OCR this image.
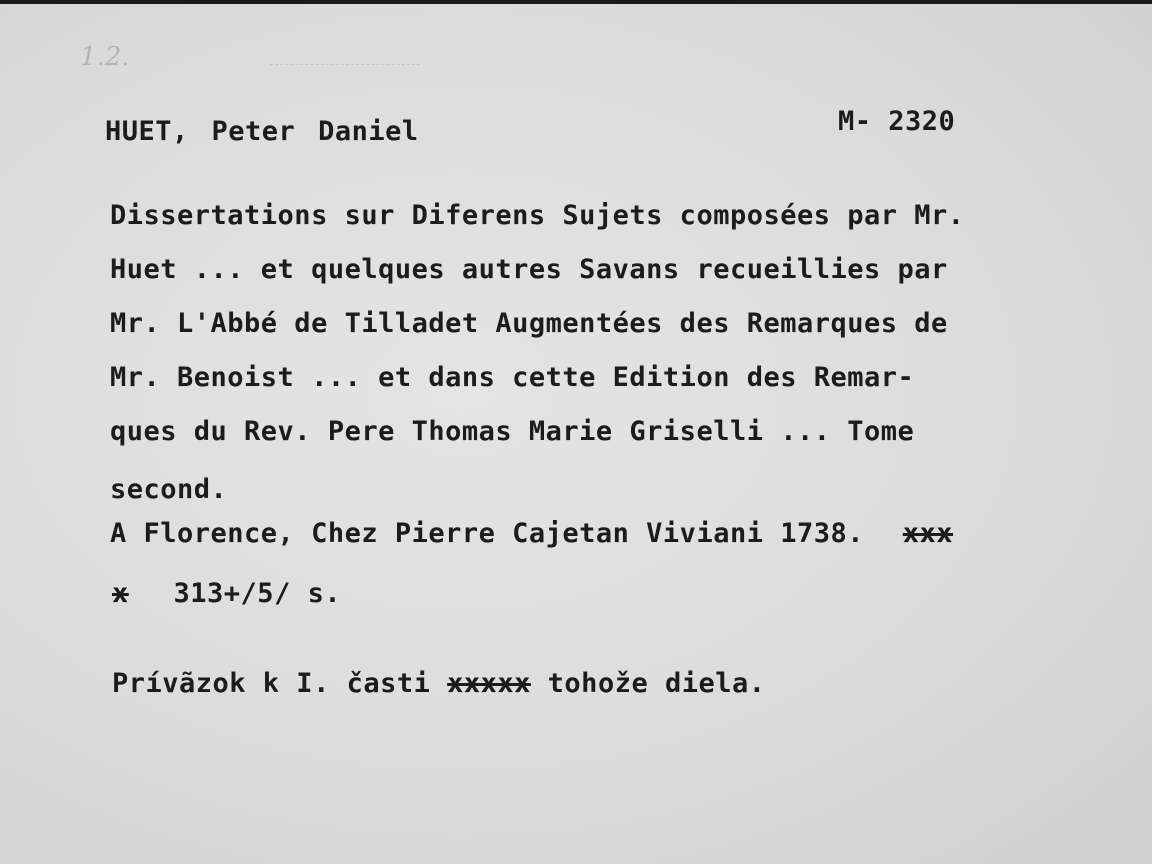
1.2.

HUET, Peter Daniel	M- 2320

Dissertations sur Diferens Sujets composées par Mr.

Huet ... et quelques autres Savans recueillies par

Mr. L'Abbé de Tilladet Augmentées des Remarques de

Mr. Benoist ... et dans cette Edition des Remar-

ques du Rev. Pere Thomas Marie Griselli ... Tome

second.

A Florence, Chez Pierre Cajetan Viviani 1738. xxx

x 313+/5/ s.

Prívãzok k I. časti xxxxx tohože diela.
